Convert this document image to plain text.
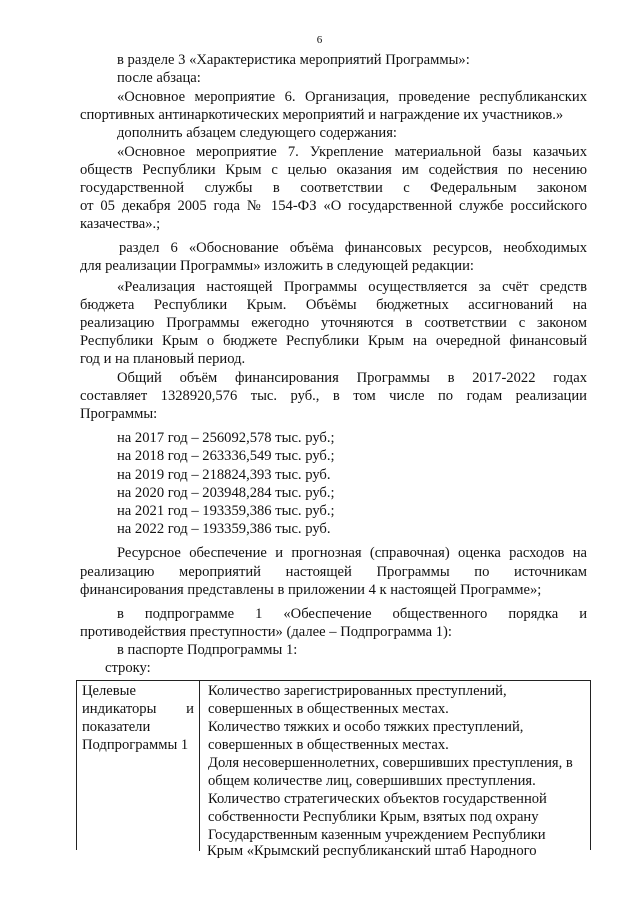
6
в разделе 3 «Характеристика мероприятий Программы»:
после абзаца:
«Основное мероприятие 6. Организация, проведение республиканских
спортивных антинаркотических мероприятий и награждение их участников.»
дополнить абзацем следующего содержания:
«Основное мероприятие 7. Укрепление материальной базы казачьих
обществ Республики Крым с целью оказания им содействия по несению
государственной службы в соответствии с Федеральным законом
от 05 декабря 2005 года № 154-ФЗ «О государственной службе российского
казачества».;
раздел 6 «Обоснование объёма финансовых ресурсов, необходимых
для реализации Программы» изложить в следующей редакции:
«Реализация настоящей Программы осуществляется за счёт средств
бюджета Республики Крым. Объёмы бюджетных ассигнований на
реализацию Программы ежегодно уточняются в соответствии с законом
Республики Крым о бюджете Республики Крым на очередной финансовый
год и на плановый период.
Общий объём финансирования Программы в 2017-2022 годах
составляет 1328920,576 тыс. руб., в том числе по годам реализации
Программы:
на 2017 год – 256092,578 тыс. руб.;
на 2018 год – 263336,549 тыс. руб.;
на 2019 год – 218824,393 тыс. руб.
на 2020 год – 203948,284 тыс. руб.;
на 2021 год – 193359,386 тыс. руб.;
на 2022 год – 193359,386 тыс. руб.
Ресурсное обеспечение и прогнозная (справочная) оценка расходов на
реализацию мероприятий настоящей Программы по источникам
финансирования представлены в приложении 4 к настоящей Программе»;
в подпрограмме 1 «Обеспечение общественного порядка и
противодействия преступности» (далее – Подпрограмма 1):
в паспорте Подпрограммы 1:
строку:
Целевые
индикаторы и
показатели
Подпрограммы 1
Количество зарегистрированных преступлений,
совершенных в общественных местах.
Количество тяжких и особо тяжких преступлений,
совершенных в общественных местах.
Доля несовершеннолетних, совершивших преступления, в
общем количестве лиц, совершивших преступления.
Количество стратегических объектов государственной
собственности Республики Крым, взятых под охрану
Государственным казенным учреждением Республики
Крым «Крымский республиканский штаб Народного
